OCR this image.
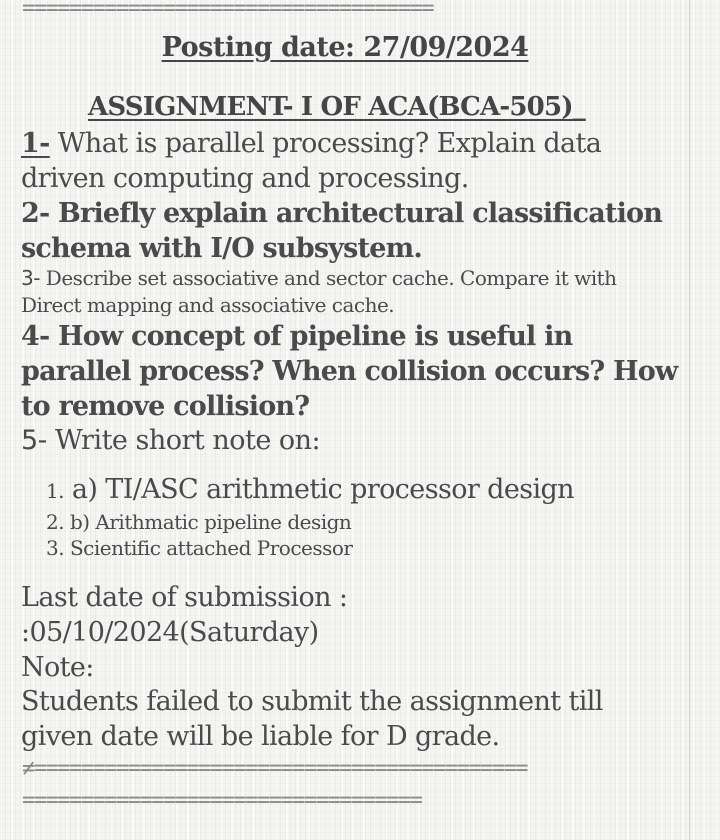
===================================
Posting date: 27/09/2024
ASSIGNMENT- I OF ACA(BCA-505)_
1- What is parallel processing? Explain data driven computing and processing.
2- Briefly explain architectural classification schema with I/O subsystem.
3- Describe set associative and sector cache. Compare it with Direct mapping and associative cache.
4- How concept of pipeline is useful in parallel process? When collision occurs? How to remove collision?
5- Write short note on:
1. a) TI/ASC arithmetic processor design
2. b) Arithmatic pipeline design
3. Scientific attached Processor
Last date of submission :
:05/10/2024(Saturday)
Note:
Students failed to submit the assignment till given date will be liable for D grade.
≠==========================================
==================================
